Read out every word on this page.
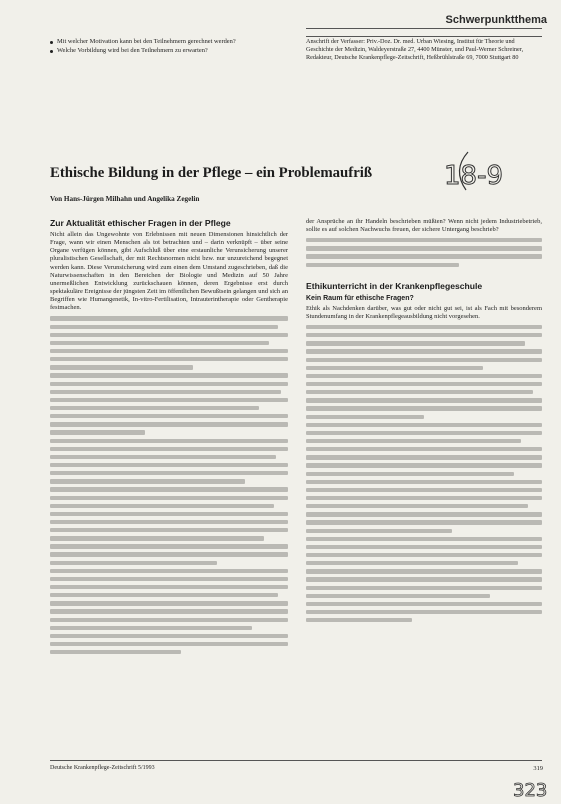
Schwerpunktthema
Mit welcher Motivation kann bei den Teilnehmern gerechnet werden?
Welche Vorbildung wird bei den Teilnehmern zu erwarten?
Anschrift der Verfasser: Priv.-Doz. Dr. med. Urban Wiesing, Institut für Theorie und Geschichte der Medizin, Waldeyerstraße 27, 4400 Münster, und Paul-Werner Schreiner, Redakteur, Deutsche Krankenpflege-Zeitschrift, Heßbrühlstraße 69, 7000 Stuttgart 80
Ethische Bildung in der Pflege – ein Problemaufriß
Von Hans-Jürgen Milhahn und Angelika Zegelin
18-9
Zur Aktualität ethischer Fragen in der Pflege

Nicht allein das Ungewohnte von Erlebnissen mit neuen Dimensionen hinsichtlich der Frage, wann wir einen Menschen als tot betrachten und – darin verknüpft – über seine Organe verfügen können, gibt Aufschluß über eine erstaunliche Verunsicherung unserer pluralistischen Gesellschaft, der mit Rechtsnormen nicht bzw. nur unzureichend begegnet werden kann. Diese Verunsicherung wird zum einen dem Umstand zugeschrieben, daß die Naturwissenschaften in den Bereichen der Biologie und Medizin auf 50 Jahre unermeßlichen Entwicklung zurückschauen können, deren Ergebnisse erst durch spektakuläre Ereignisse der jüngsten Zeit im öffentlichen Bewußtsein gelangen und sich an Begriffen wie Humangenetik, In-vitro-Fertilisation, Intrauterintherapie oder Gentherapie festmachen.

der Ansprüche an ihr Handeln beschrieben müßten? Wenn nicht jedem Industriebetrieb, sollte es auf solchen Nachwuchs freuen, der sichere Untergang beschrieb?

Ethikunterricht in der Krankenpflegeschule
Kein Raum für ethische Fragen?

Ethik als Nachdenken darüber, was gut oder nicht gut sei, ist als Fach mit besonderem Stundenumfang in der Krankenpflegeausbildung nicht vorgesehen.

Deutsche Krankenpflege-Zeitschrift 5/1993	319
323
